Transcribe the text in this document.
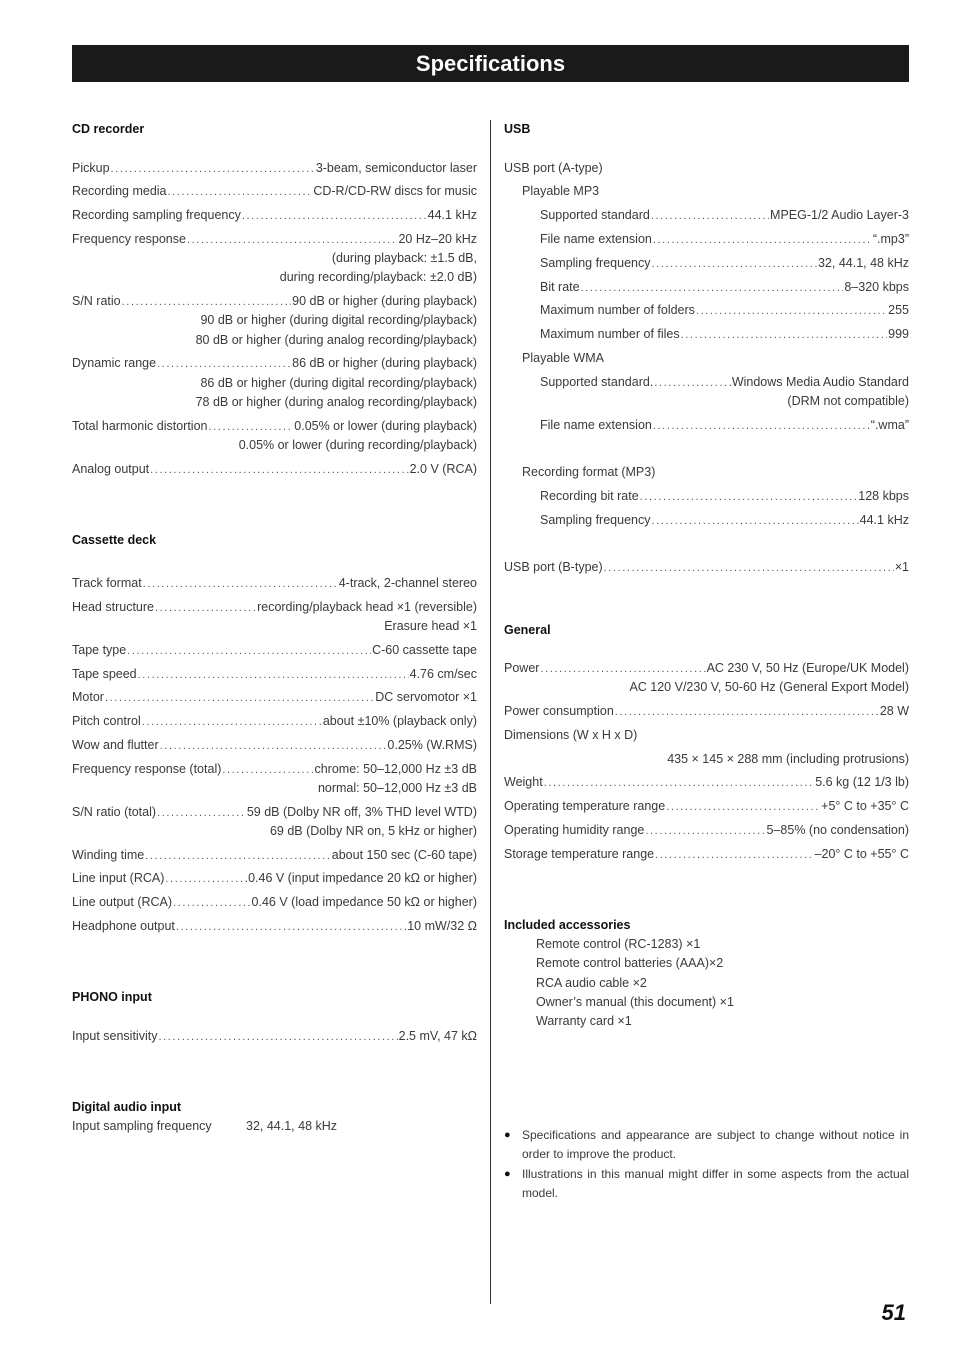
Specifications
CD recorder
Pickup .....	3-beam, semiconductor laser
Recording media .....	CD-R/CD-RW discs for music
Recording sampling frequency .....	44.1 kHz
Frequency response .....	20 Hz–20 kHz
(during playback: ±1.5 dB,
during recording/playback: ±2.0 dB)
S/N ratio .....	90 dB or higher (during playback)
90 dB or higher (during digital recording/playback)
80 dB or higher (during analog recording/playback)
Dynamic range .....	86 dB or higher (during playback)
86 dB or higher (during digital recording/playback)
78 dB or higher (during analog recording/playback)
Total harmonic distortion .....	0.05% or lower (during playback)
0.05% or lower (during recording/playback)
Analog output .....	2.0 V (RCA)
Cassette deck
Track format .....	4-track, 2-channel stereo
Head structure .....	recording/playback head ×1 (reversible)
Erasure head ×1
Tape type .....	C-60 cassette tape
Tape speed .....	4.76 cm/sec
Motor .....	DC servomotor ×1
Pitch control .....	about ±10% (playback only)
Wow and flutter .....	0.25% (W.RMS)
Frequency response (total) .....	chrome: 50–12,000 Hz ±3 dB
normal: 50–12,000 Hz ±3 dB
S/N ratio (total) .....	59 dB (Dolby NR off, 3% THD level WTD)
69 dB (Dolby NR on, 5 kHz or higher)
Winding time .....	about 150 sec (C-60 tape)
Line input (RCA) .....	.0.46 V (input impedance 20 kΩ or higher)
Line output (RCA) .....	0.46 V (load impedance 50 kΩ or higher)
Headphone output .....	10 mW/32 Ω
PHONO input
Input sensitivity .....	2.5 mV, 47 kΩ
Digital audio input
Input sampling frequency	32, 44.1, 48 kHz
USB
USB port (A-type)
Playable MP3
Supported standard .....	MPEG-1/2 Audio Layer-3
File name extension .....	“.mp3”
Sampling frequency .....	32, 44.1, 48 kHz
Bit rate .....	8–320 kbps
Maximum number of folders .....	255
Maximum number of files .....	999
Playable WMA
Supported standard. .....	Windows Media Audio Standard
(DRM not compatible)
File name extension .....	“.wma”
Recording format (MP3)
Recording bit rate .....	128 kbps
Sampling frequency .....	44.1 kHz
USB port (B-type) .....	×1
General
Power .....	AC 230 V, 50 Hz (Europe/UK Model)
AC 120 V/230 V, 50-60 Hz (General Export Model)
Power consumption .....	28 W
Dimensions (W x H x D)
435 × 145 × 288 mm (including protrusions)
Weight .....	5.6 kg (12 1/3 lb)
Operating temperature range .....	+5° C to +35° C
Operating humidity range .....	5–85% (no condensation)
Storage temperature range .....	–20° C to +55° C
Included accessories
Remote control (RC-1283) ×1
Remote control batteries (AAA)×2
RCA audio cable ×2
Owner’s manual (this document) ×1
Warranty card ×1
● Specifications and appearance are subject to change without notice in order to improve the product.
● Illustrations in this manual might differ in some aspects from the actual model.
51
